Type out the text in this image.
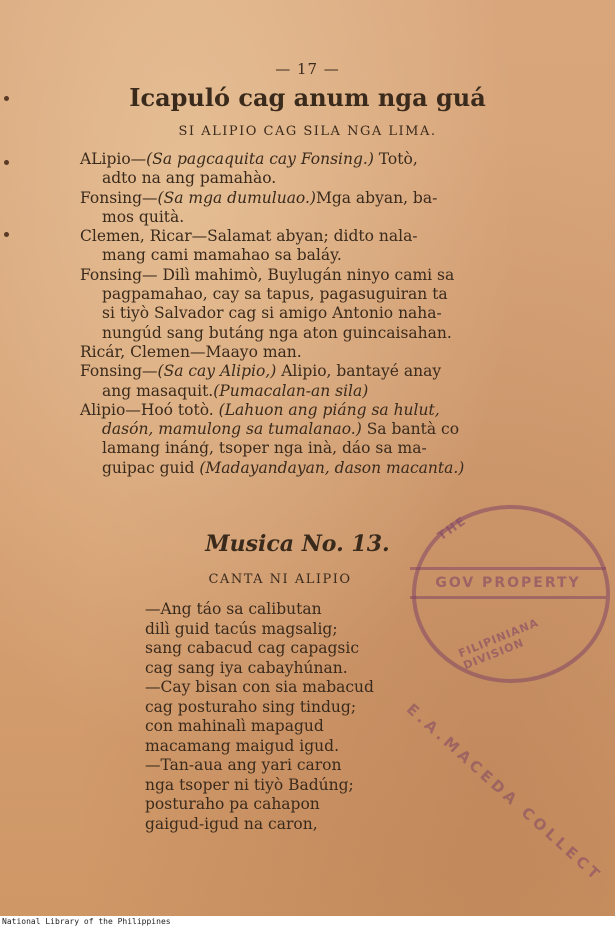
— 17 —
Icapuló cag anum nga guá
SI ALIPIO CAG SILA NGA LIMA.

ALipio—(Sa pagcaquita cay Fonsing.) Totò,

adto na ang pamahào.

Fonsing—(Sa mga dumuluao.)Mga abyan, ba-

mos quità.

Clemen, Ricar—Salamat abyan; didto nala-

mang cami mamahao sa baláy.

Fonsing— Dilì mahimò, Buylugán ninyo cami sa

pagpamahao, cay sa tapus, pagasuguiran ta

si tiyò Salvador cag si amigo Antonio naha-

nungúd sang butáng nga aton guincaisahan.

Ricár, Clemen—Maayo man.

Fonsing—(Sa cay Alipio,) Alipio, bantayé anay

ang masaquit.(Pumacalan-an sila)

Alipio—Hoó totò. (Lahuon ang piáng sa hulut,

dasón, mamulong sa tumalanao.) Sa bantà co

lamang inánģ, tsoper nga inà, dáo sa ma-

guipac guid (Madayandayan, dason macanta.)

Musica No. 13.
CANTA NI ALIPIO

—Ang táo sa calibutan

dilì guid tacús magsalig;

sang cabacud cag capagsic

cag sang iya cabayhúnan.

—Cay bisan con sia mabacud

cag posturaho sing tindug;

con mahinalì mapagud

macamang maigud igud.

—Tan-aua ang yari caron

nga tsoper ni tiyò Badúng;

posturaho pa cahapon

gaigud-igud na caron,

THE
GOV PROPERTY
FILIPINIANA DIVISION
E.A.MACEDA COLLECT
National Library of the Philippines
